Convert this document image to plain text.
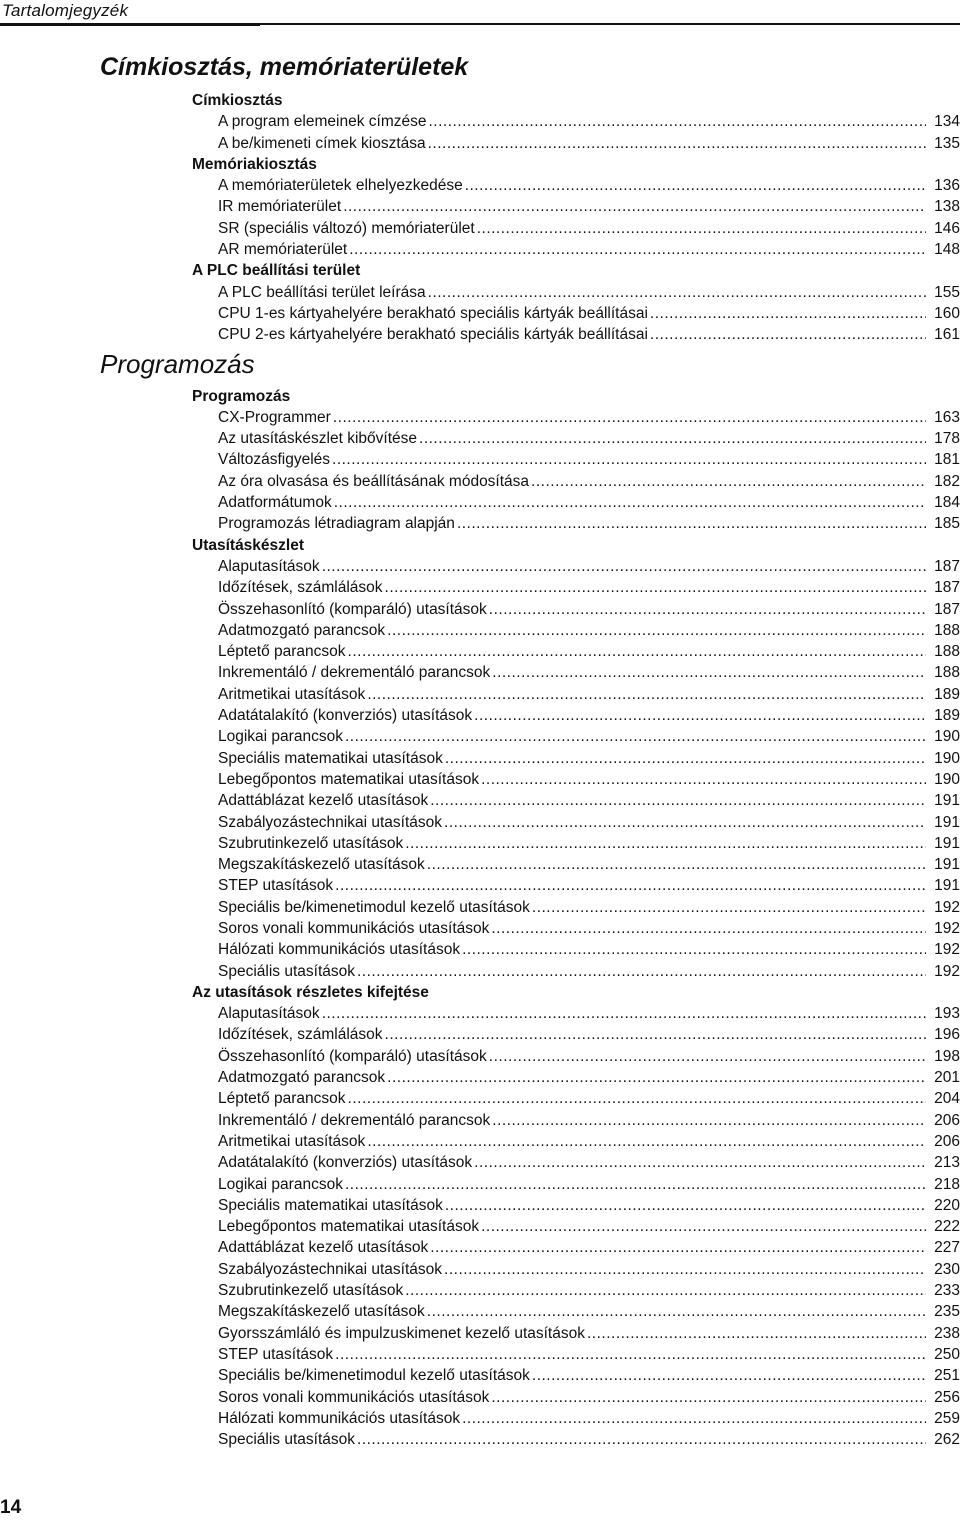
Tartalomjegyzék
Címkiosztás, memóriaterületek
Címkiosztás
A program elemeinek címzése .....	134
A be/kimeneti címek kiosztása .....	135
Memóriakiosztás
A memóriaterületek elhelyezkedése .....	136
IR memóriaterület .....	138
SR (speciális változó) memóriaterület .....	146
AR memóriaterület .....	148
A PLC beállítási terület
A PLC beállítási terület leírása .....	155
CPU 1-es kártyahelyére berakható speciális kártyák beállításai .....	160
CPU 2-es kártyahelyére berakható speciális kártyák beállításai .....	161
Programozás
Programozás
CX-Programmer .....	163
Az utasításkészlet kibővítése .....	178
Változásfigyelés .....	181
Az óra olvasása és beállításának módosítása .....	182
Adatformátumok .....	184
Programozás létradiagram alapján .....	185
Utasításkészlet
Alaputasítások .....	187
Időzítések, számlálások .....	187
Összehasonlító (komparáló) utasítások .....	187
Adatmozgató parancsok .....	188
Léptető parancsok .....	188
Inkrementáló / dekrementáló parancsok .....	188
Aritmetikai utasítások .....	189
Adatátalakító (konverziós) utasítások .....	189
Logikai parancsok .....	190
Speciális matematikai utasítások .....	190
Lebegőpontos matematikai utasítások .....	190
Adattáblázat kezelő utasítások .....	191
Szabályozástechnikai utasítások .....	191
Szubrutinkezelő utasítások .....	191
Megszakításkezelő utasítások .....	191
STEP utasítások .....	191
Speciális be/kimenetimodul kezelő utasítások .....	192
Soros vonali kommunikációs utasítások .....	192
Hálózati kommunikációs utasítások .....	192
Speciális utasítások .....	192
Az utasítások részletes kifejtése
Alaputasítások .....	193
Időzítések, számlálások .....	196
Összehasonlító (komparáló) utasítások .....	198
Adatmozgató parancsok .....	201
Léptető parancsok .....	204
Inkrementáló / dekrementáló parancsok .....	206
Aritmetikai utasítások .....	206
Adatátalakító (konverziós) utasítások .....	213
Logikai parancsok .....	218
Speciális matematikai utasítások .....	220
Lebegőpontos matematikai utasítások .....	222
Adattáblázat kezelő utasítások .....	227
Szabályozástechnikai utasítások .....	230
Szubrutinkezelő utasítások .....	233
Megszakításkezelő utasítások .....	235
Gyorsszámláló és impulzuskimenet kezelő utasítások .....	238
STEP utasítások .....	250
Speciális be/kimenetimodul kezelő utasítások .....	251
Soros vonali kommunikációs utasítások .....	256
Hálózati kommunikációs utasítások .....	259
Speciális utasítások .....	262
14
